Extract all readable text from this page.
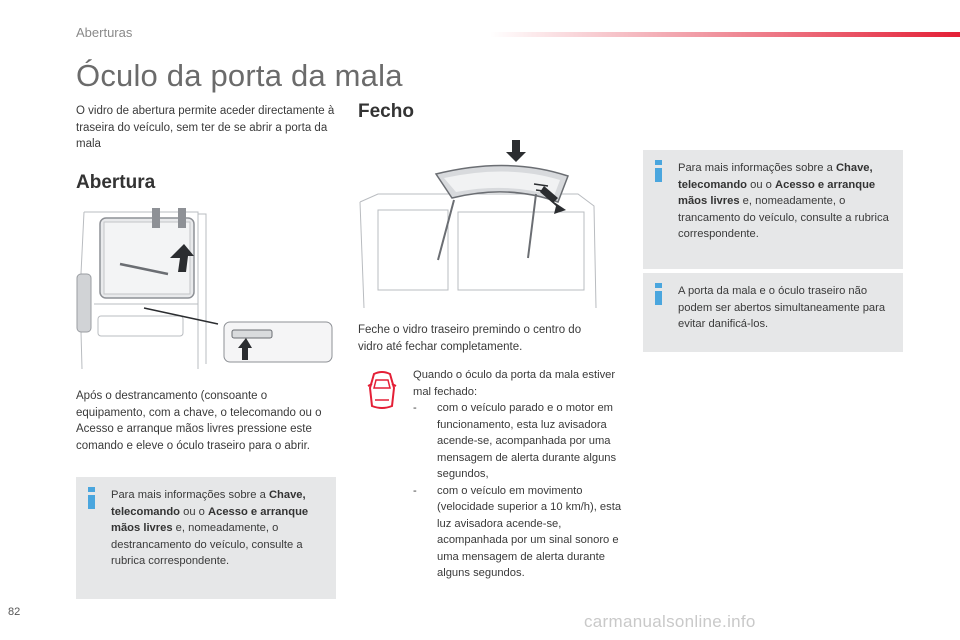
Aberturas
Óculo da porta da mala
O vidro de abertura permite aceder directamente à traseira do veículo, sem ter de se abrir a porta da mala
Abertura
Fecho
Após o destrancamento (consoante o equipamento, com a chave, o telecomando ou o Acesso e arranque mãos livres pressione este comando e eleve o óculo traseiro para o abrir.
Feche o vidro traseiro premindo o centro do vidro até fechar completamente.
Para mais informações sobre a Chave, telecomando ou o Acesso e arranque mãos livres e, nomeadamente, o destrancamento do veículo, consulte a rubrica correspondente.
Para mais informações sobre a Chave, telecomando ou o Acesso e arranque mãos livres e, nomeadamente, o trancamento do veículo, consulte a rubrica correspondente.
A porta da mala e o óculo traseiro não podem ser abertos simultaneamente para evitar danificá-los.
Quando o óculo da porta da mala estiver mal fechado:
-	com o veículo parado e o motor em funcionamento, esta luz avisadora acende-se, acompanhada por uma mensagem de alerta durante alguns segundos,
-	com o veículo em movimento (velocidade superior a 10 km/h), esta luz avisadora acende-se, acompanhada por um sinal sonoro e uma mensagem de alerta durante alguns segundos.
82	carmanualsonline.info
